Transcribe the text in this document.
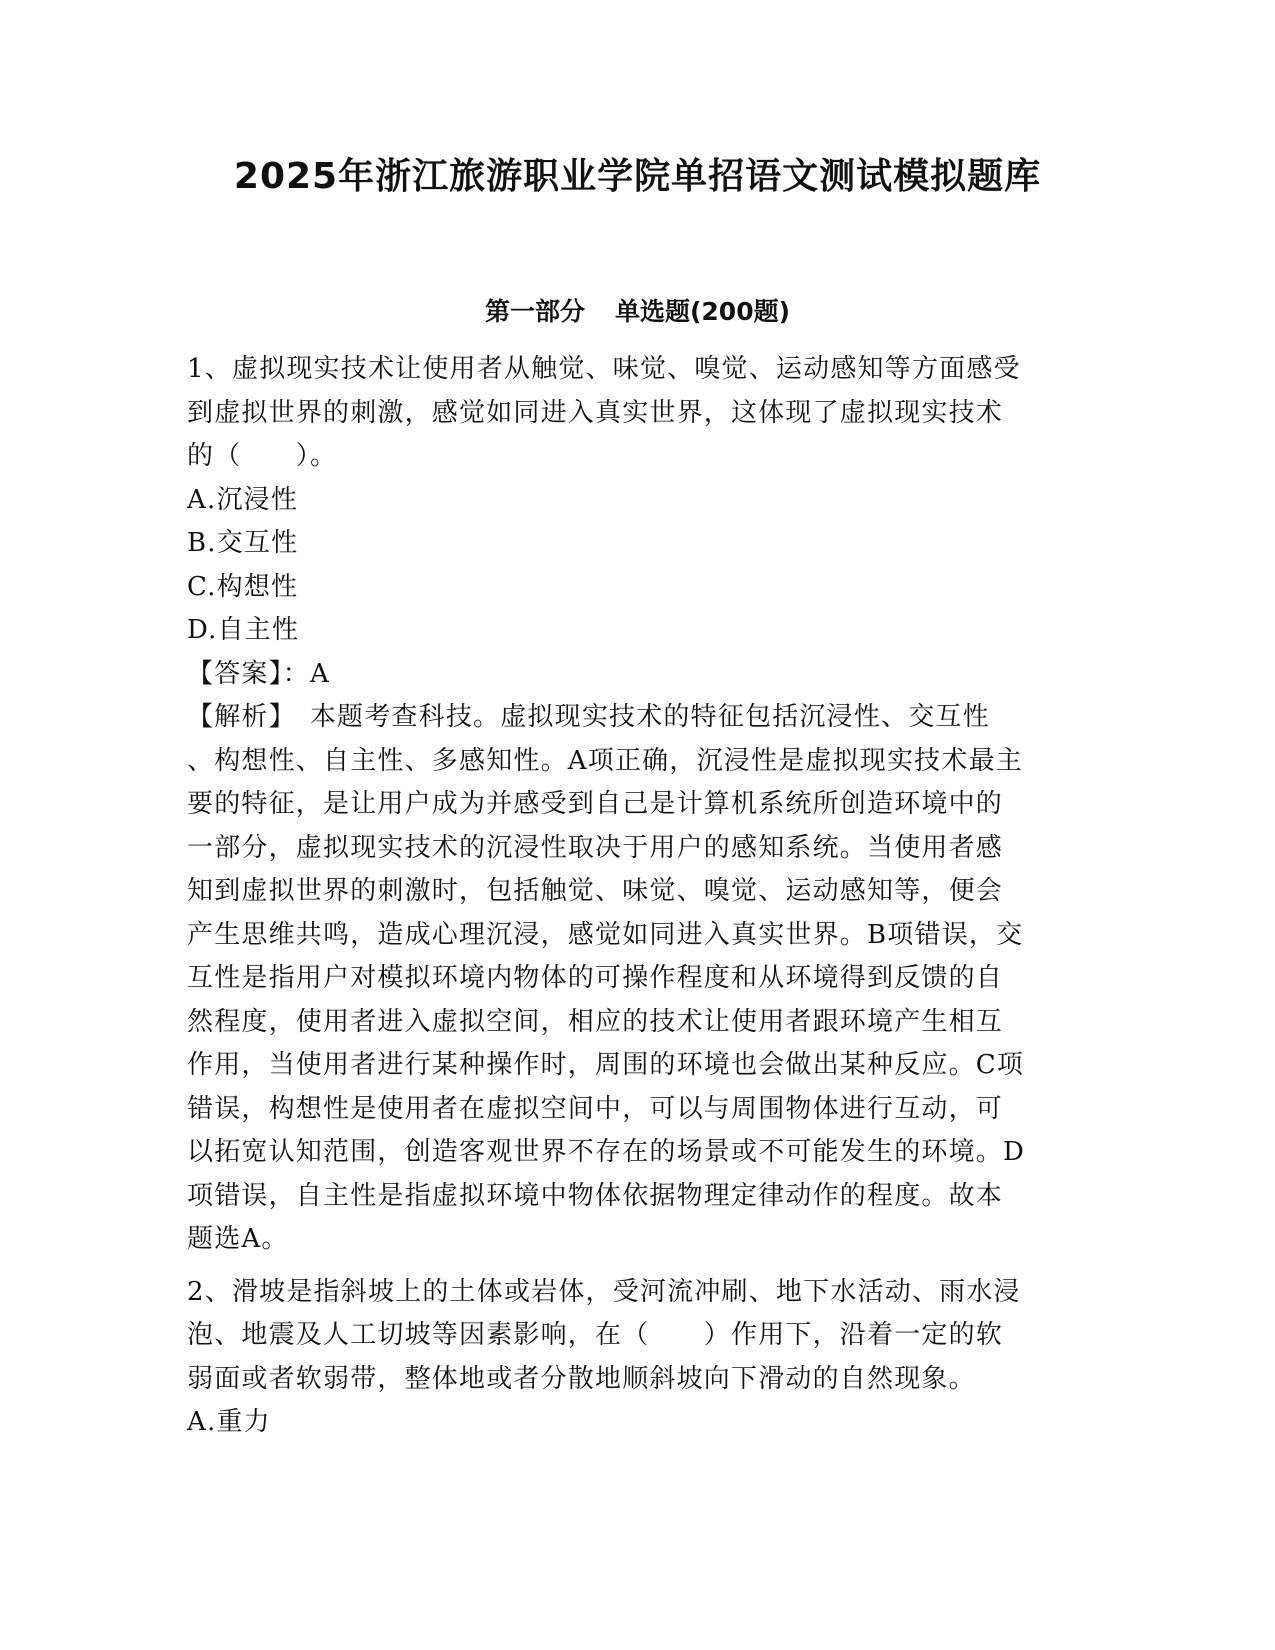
2025年浙江旅游职业学院单招语文测试模拟题库
第一部分 单选题(200题)
1、虚拟现实技术让使用者从触觉、味觉、嗅觉、运动感知等方面感受
到虚拟世界的刺激，感觉如同进入真实世界，这体现了虚拟现实技术
的（　　）。
A.沉浸性
B.交互性
C.构想性
D.自主性
【答案】：A
【解析】 本题考查科技。虚拟现实技术的特征包括沉浸性、交互性
、构想性、自主性、多感知性。A项正确，沉浸性是虚拟现实技术最主
要的特征，是让用户成为并感受到自己是计算机系统所创造环境中的
一部分，虚拟现实技术的沉浸性取决于用户的感知系统。当使用者感
知到虚拟世界的刺激时，包括触觉、味觉、嗅觉、运动感知等，便会
产生思维共鸣，造成心理沉浸，感觉如同进入真实世界。B项错误，交
互性是指用户对模拟环境内物体的可操作程度和从环境得到反馈的自
然程度，使用者进入虚拟空间，相应的技术让使用者跟环境产生相互
作用，当使用者进行某种操作时，周围的环境也会做出某种反应。C项
错误，构想性是使用者在虚拟空间中，可以与周围物体进行互动，可
以拓宽认知范围，创造客观世界不存在的场景或不可能发生的环境。D
项错误，自主性是指虚拟环境中物体依据物理定律动作的程度。故本
题选A。
2、滑坡是指斜坡上的土体或岩体，受河流冲刷、地下水活动、雨水浸
泡、地震及人工切坡等因素影响，在（　　）作用下，沿着一定的软
弱面或者软弱带，整体地或者分散地顺斜坡向下滑动的自然现象。
A.重力
